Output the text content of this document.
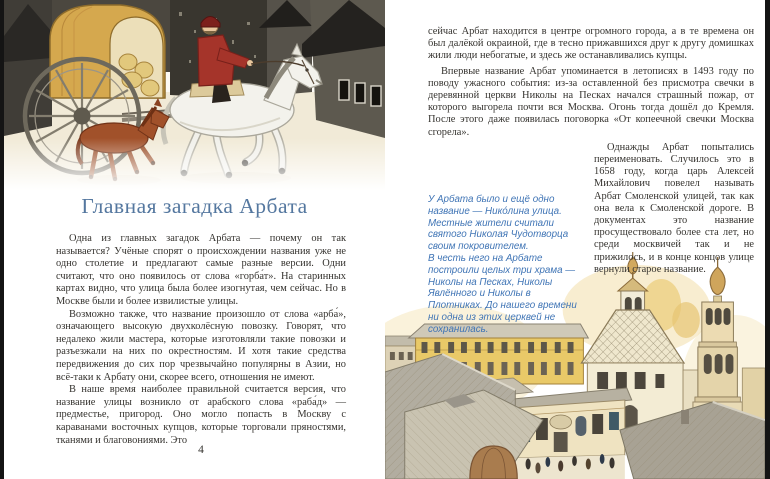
Главная загадка Арбата

Одна из главных загадок Арбата — почему он так называется? Учёные спорят о происхождении названия уже не одно столетие и предлагают самые разные версии. Одни считают, что оно появилось от слова «горба́т». На старинных картах видно, что улица была более изогнутая, чем сейчас. Но в Москве были и более извилистые улицы.

Возможно также, что название произошло от слова «арба́», означающего высокую двухколёсную повозку. Говорят, что недалеко жили мастера, которые изготовляли такие повозки и разъезжали на них по окрестностям. И хотя такие средства передвижения до сих пор чрезвычайно популярны в Азии, но всё-таки к Арбату они, скорее всего, отношения не имеют.

В наше время наиболее правильной считается версия, что название улицы возникло от арабского слова «раба́д» — предместье, пригород. Оно могло попасть в Москву с караванами восточных купцов, которые торговали пряностями, тканями и благовониями. Это

4

сейчас Арбат находится в центре огромного города, а в те времена он был далёкой окраиной, где в тесно прижавшихся друг к другу домишках жили люди небогатые, и здесь же останавливались купцы.

Впервые название Арбат упоминается в летописях в 1493 году по поводу ужасного события: из-за оставленной без присмотра свечки в деревянной церкви Николы на Песках начался страшный пожар, от которого выгорела почти вся Москва. Огонь тогда дошёл до Кремля. После этого даже появилась поговорка «От копеечной свечки Москва сгорела».

Однажды Арбат попытались переименовать. Случилось это в 1658 году, когда царь Алексей Михайлович повелел называть Арбат Смоленской улицей, так как она вела к Смоленской дороге. В документах это название просуществовало более ста лет, но среди москвичей так и не прижилось, и в конце концов улице вернули старое название.

У Арбата было и ещё одно название — Нико́лина улица. Местные жители считали святого Николая Чудотворца своим покровителем.

В честь него на Арбате построили целых три храма — Николы на Песках, Николы Явлённого и Николы в Плотниках. До нашего времени ни одна из этих церквей не сохранилась.
